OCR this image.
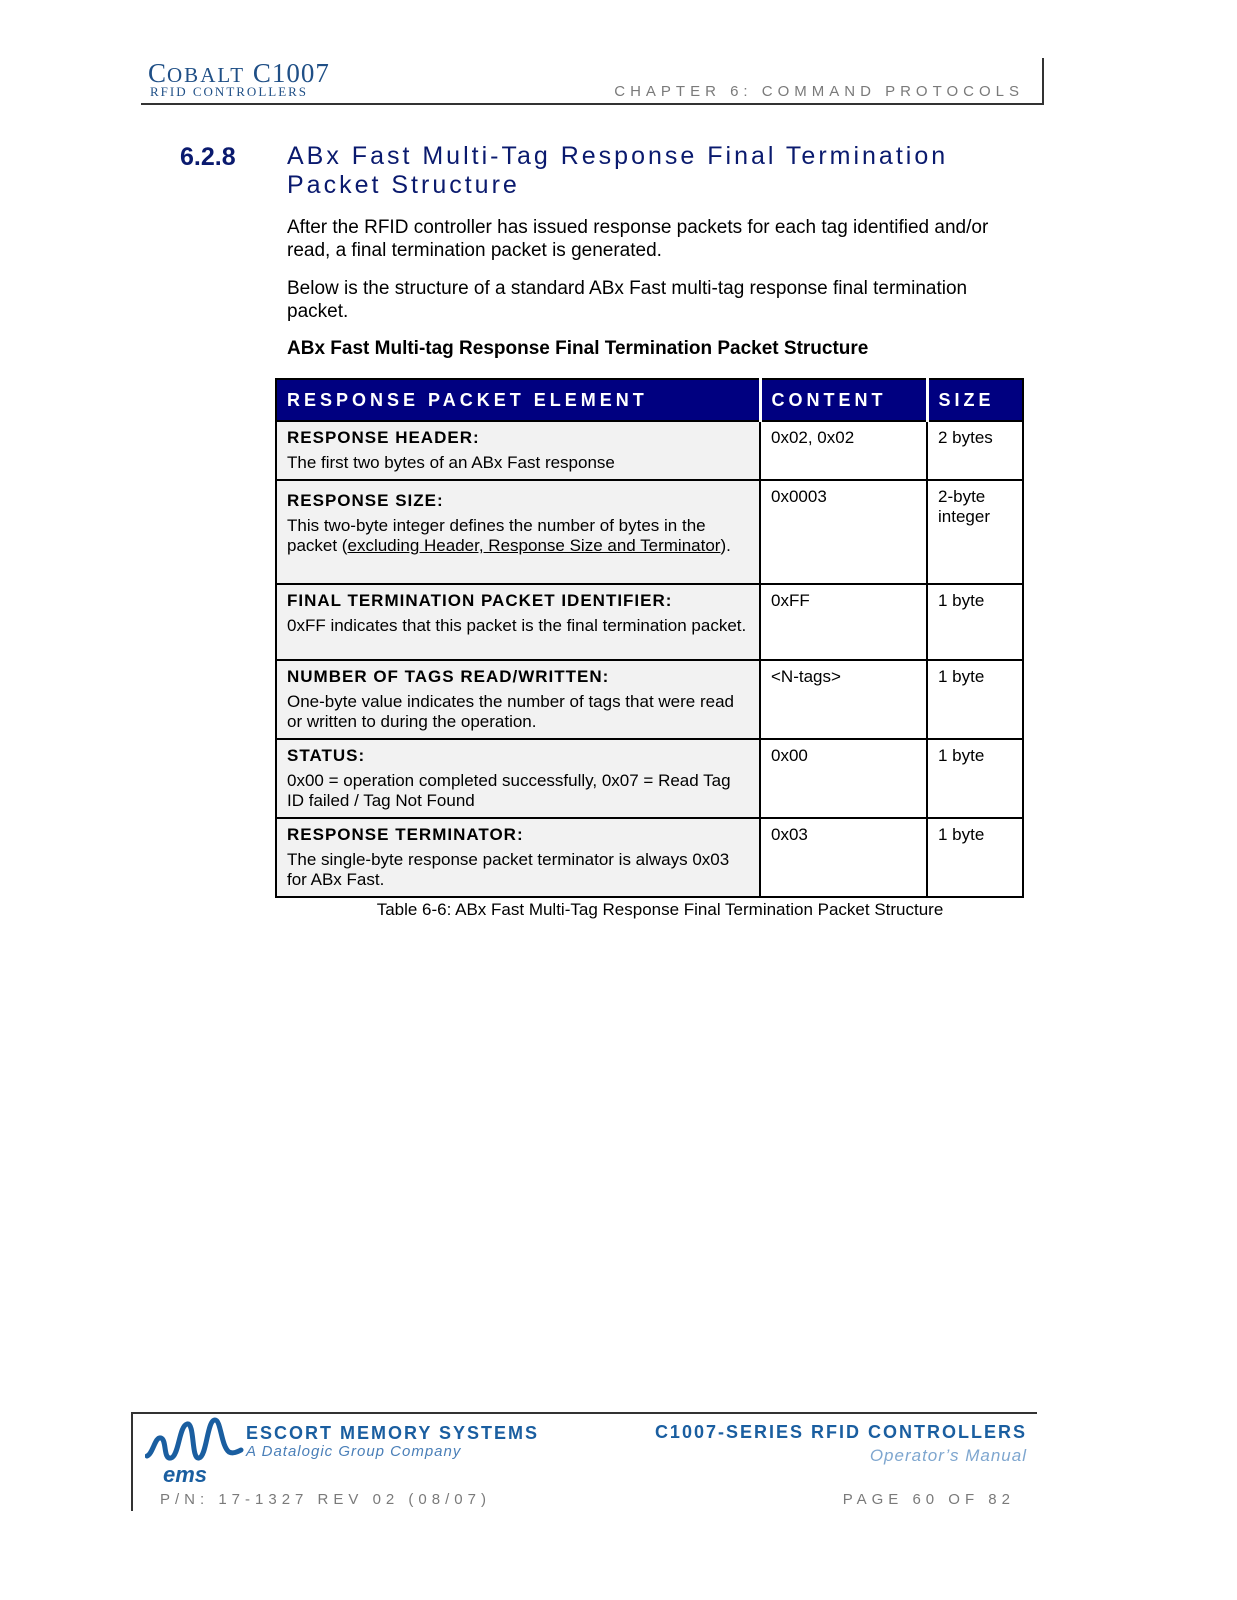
COBALT C1007
RFID CONTROLLERS	CHAPTER 6: COMMAND PROTOCOLS
6.2.8 ABx Fast Multi-Tag Response Final Termination Packet Structure
After the RFID controller has issued response packets for each tag identified and/or read, a final termination packet is generated.
Below is the structure of a standard ABx Fast multi-tag response final termination packet.
ABx Fast Multi-tag Response Final Termination Packet Structure
RESPONSE PACKET ELEMENT	CONTENT	SIZE

RESPONSE HEADER:
The first two bytes of an ABx Fast response	0x02, 0x02	2 bytes

RESPONSE SIZE:
This two-byte integer defines the number of bytes in the packet (excluding Header, Response Size and Terminator).	0x0003	2-byte integer

FINAL TERMINATION PACKET IDENTIFIER:
0xFF indicates that this packet is the final termination packet.	0xFF	1 byte

NUMBER OF TAGS READ/WRITTEN:
One-byte value indicates the number of tags that were read or written to during the operation.	<N-tags>	1 byte

STATUS:
0x00 = operation completed successfully, 0x07 = Read Tag ID failed / Tag Not Found	0x00	1 byte

RESPONSE TERMINATOR:
The single-byte response packet terminator is always 0x03 for ABx Fast.	0x03	1 byte
Table 6-6: ABx Fast Multi-Tag Response Final Termination Packet Structure
ems
ESCORT MEMORY SYSTEMS
A Datalogic Group Company
C1007-SERIES RFID CONTROLLERS
Operator’s Manual
P/N: 17-1327 REV 02 (08/07)	PAGE 60 OF 82
